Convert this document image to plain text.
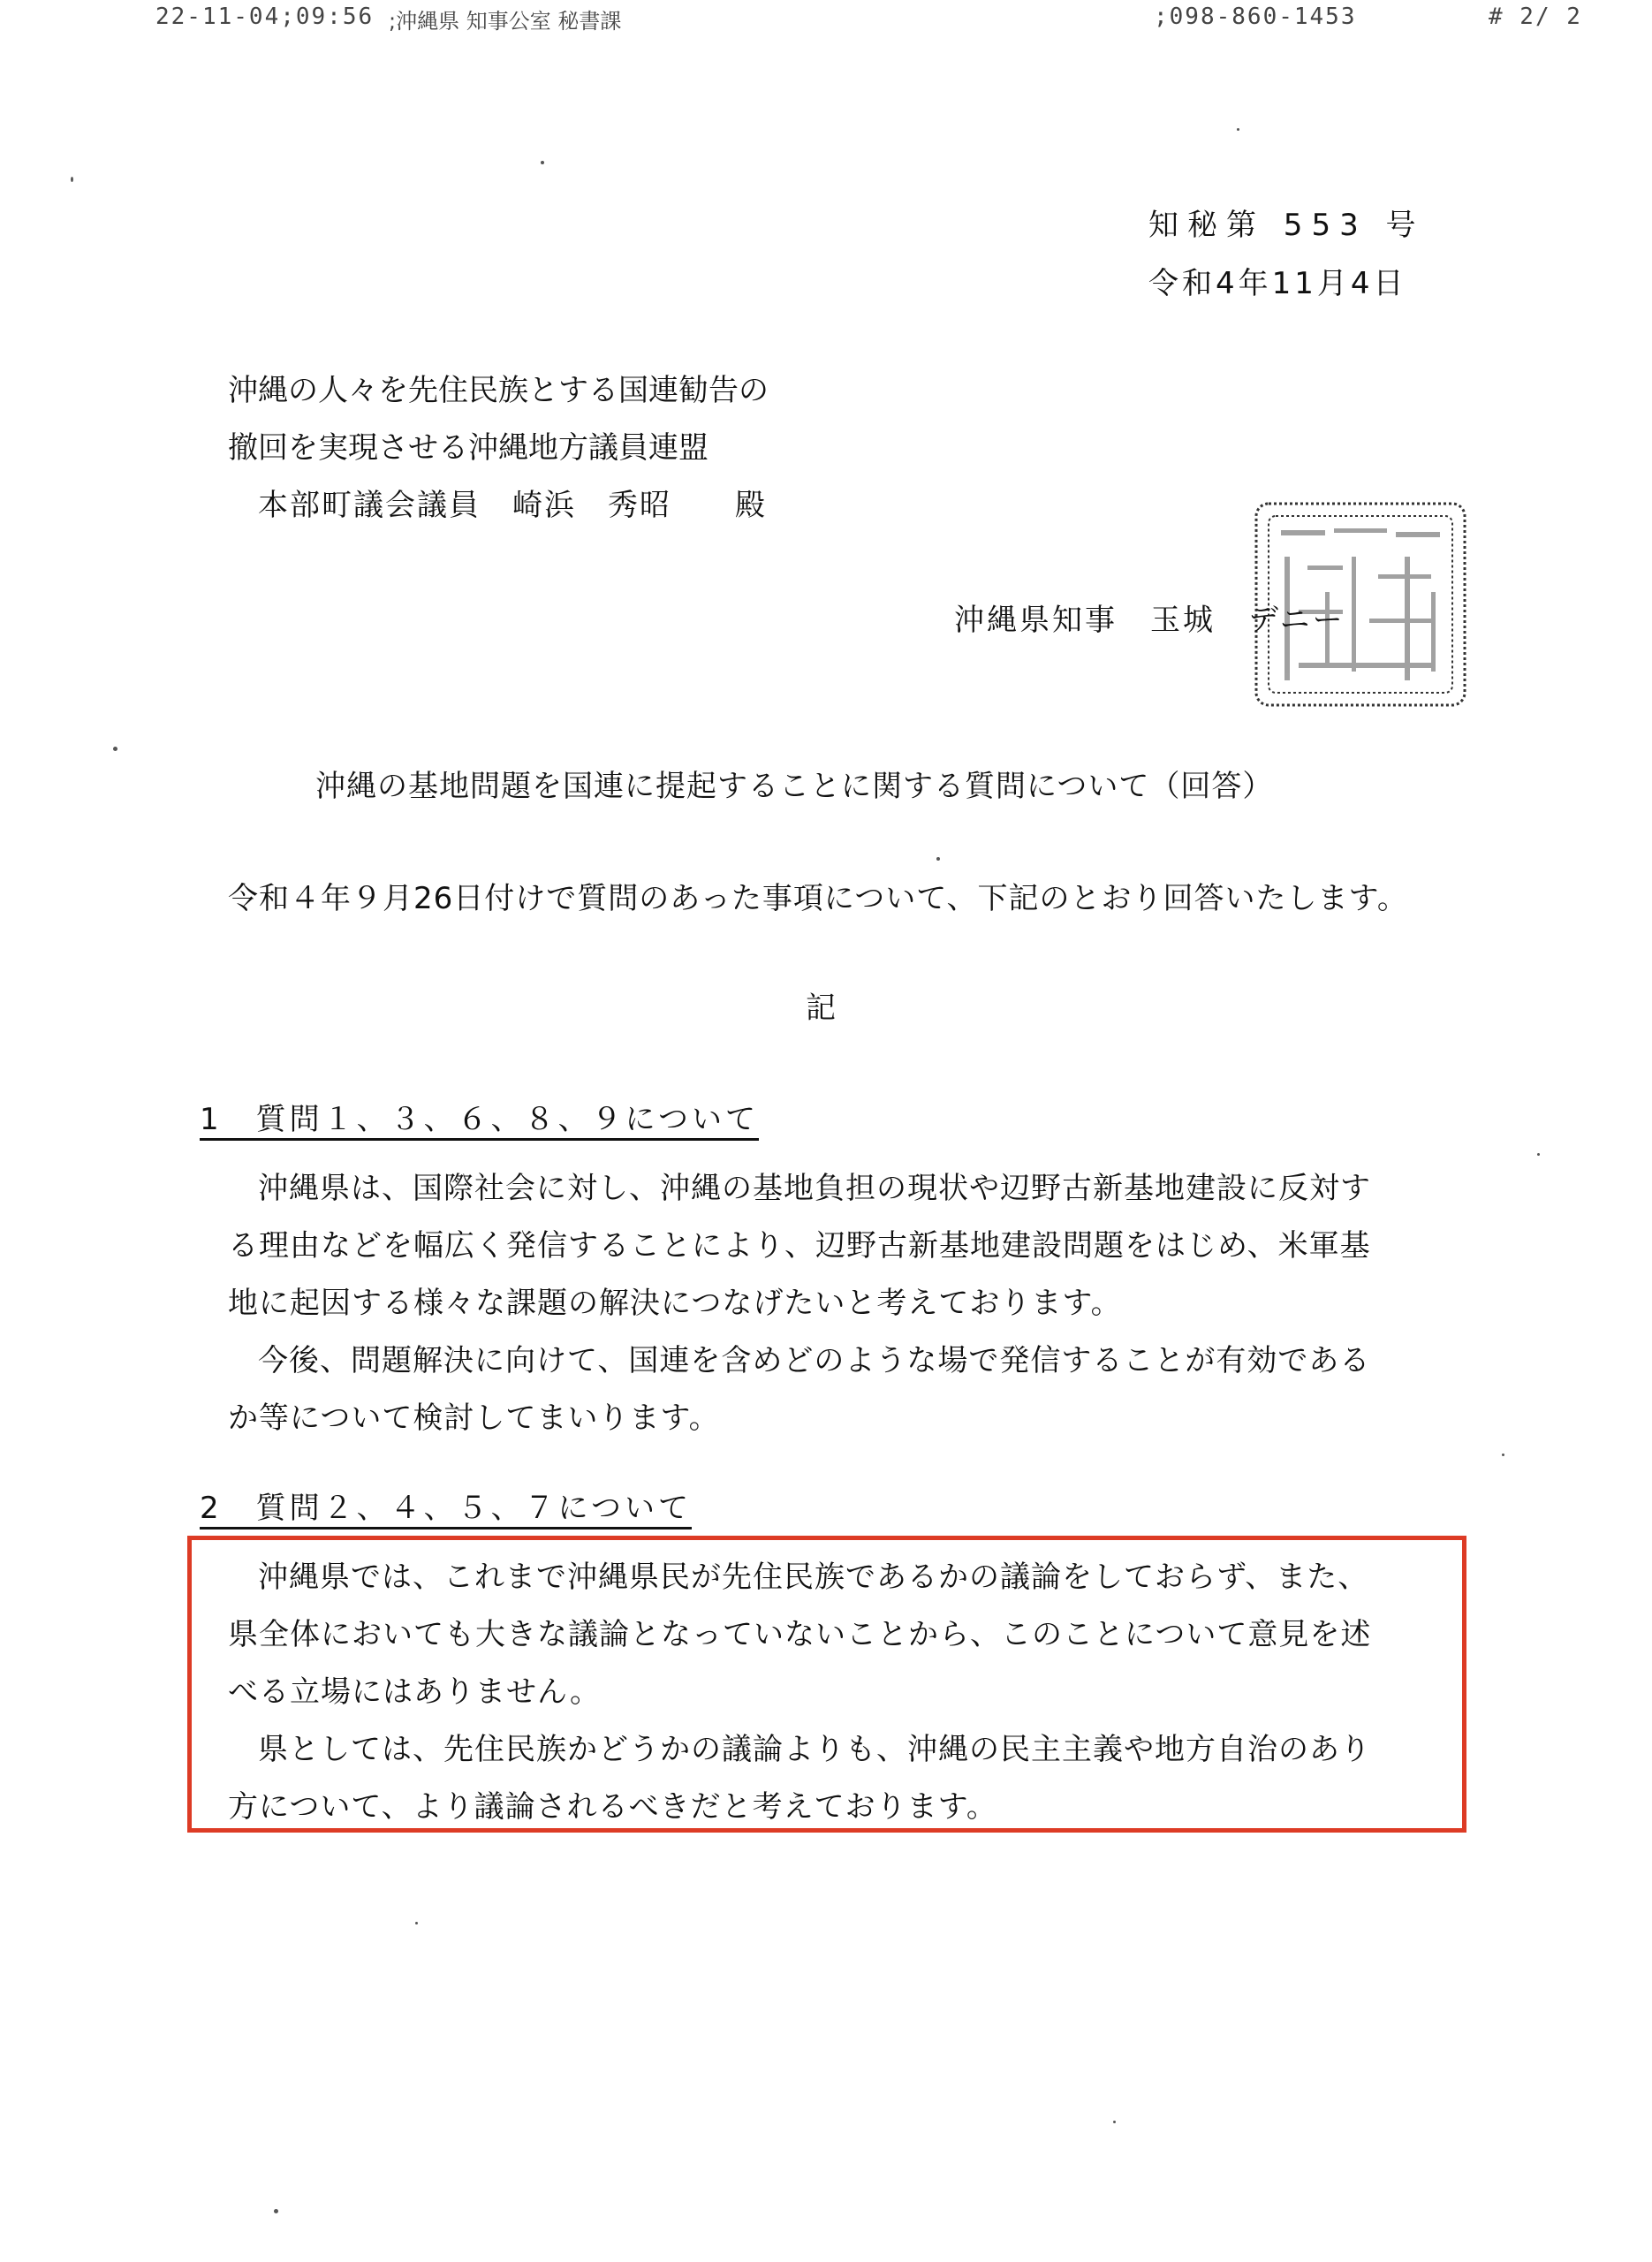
22-11-04;09:56 ;沖縄県 知事公室 秘書課	;098-860-1453	# 2/ 2
知秘第 553 号
令和4年11月4日
沖縄の人々を先住民族とする国連勧告の
撤回を実現させる沖縄地方議員連盟
本部町議会議員　崎浜　秀昭　　殿
沖縄県知事　玉城　デニー
沖縄の基地問題を国連に提起することに関する質問について（回答）
令和４年９月26日付けで質問のあった事項について、下記のとおり回答いたします。
記
1　質問１、３、６、８、９について
沖縄県は、国際社会に対し、沖縄の基地負担の現状や辺野古新基地建設に反対す
る理由などを幅広く発信することにより、辺野古新基地建設問題をはじめ、米軍基
地に起因する様々な課題の解決につなげたいと考えております。
今後、問題解決に向けて、国連を含めどのような場で発信することが有効である
か等について検討してまいります。
2　質問２、４、５、７について
沖縄県では、これまで沖縄県民が先住民族であるかの議論をしておらず、また、
県全体においても大きな議論となっていないことから、このことについて意見を述
べる立場にはありません。
県としては、先住民族かどうかの議論よりも、沖縄の民主主義や地方自治のあり
方について、より議論されるべきだと考えております。
